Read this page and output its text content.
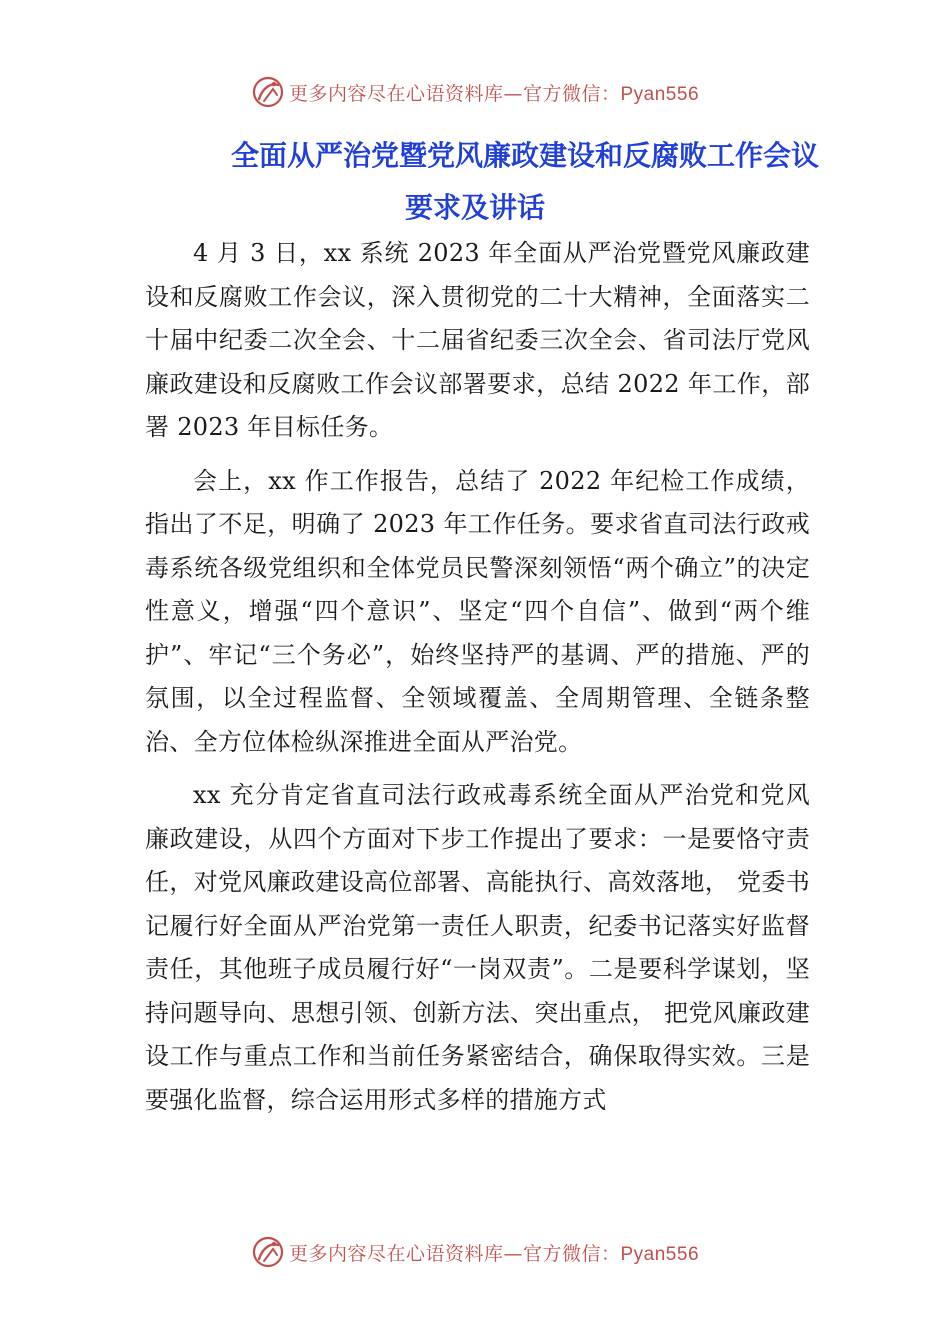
更多内容尽在心语资料库—官方微信：Pyan556
全面从严治党暨党风廉政建设和反腐败工作会议
要求及讲话

4 月 3 日，xx 系统 2023 年全面从严治党暨党风廉政建设和反腐败工作会议，深入贯彻党的二十大精神，全面落实二十届中纪委二次全会、十二届省纪委三次全会、省司法厅党风廉政建设和反腐败工作会议部署要求，总结 2022 年工作，部署 2023 年目标任务。

会上，xx 作工作报告，总结了 2022 年纪检工作成绩，指出了不足，明确了 2023 年工作任务。要求省直司法行政戒毒系统各级党组织和全体党员民警深刻领悟“两个确立”的决定性意义，增强“四个意识”、坚定“四个自信”、做到“两个维护”、牢记“三个务必”，始终坚持严的基调、严的措施、严的氛围，以全过程监督、全领域覆盖、全周期管理、全链条整治、全方位体检纵深推进全面从严治党。

xx 充分肯定省直司法行政戒毒系统全面从严治党和党风廉政建设，从四个方面对下步工作提出了要求：一是要恪守责任，对党风廉政建设高位部署、高能执行、高效落地， 党委书记履行好全面从严治党第一责任人职责，纪委书记落实好监督责任，其他班子成员履行好“一岗双责”。二是要科学谋划，坚持问题导向、思想引领、创新方法、突出重点， 把党风廉政建设工作与重点工作和当前任务紧密结合，确保取得实效。三是要强化监督，综合运用形式多样的措施方式

更多内容尽在心语资料库—官方微信：Pyan556
